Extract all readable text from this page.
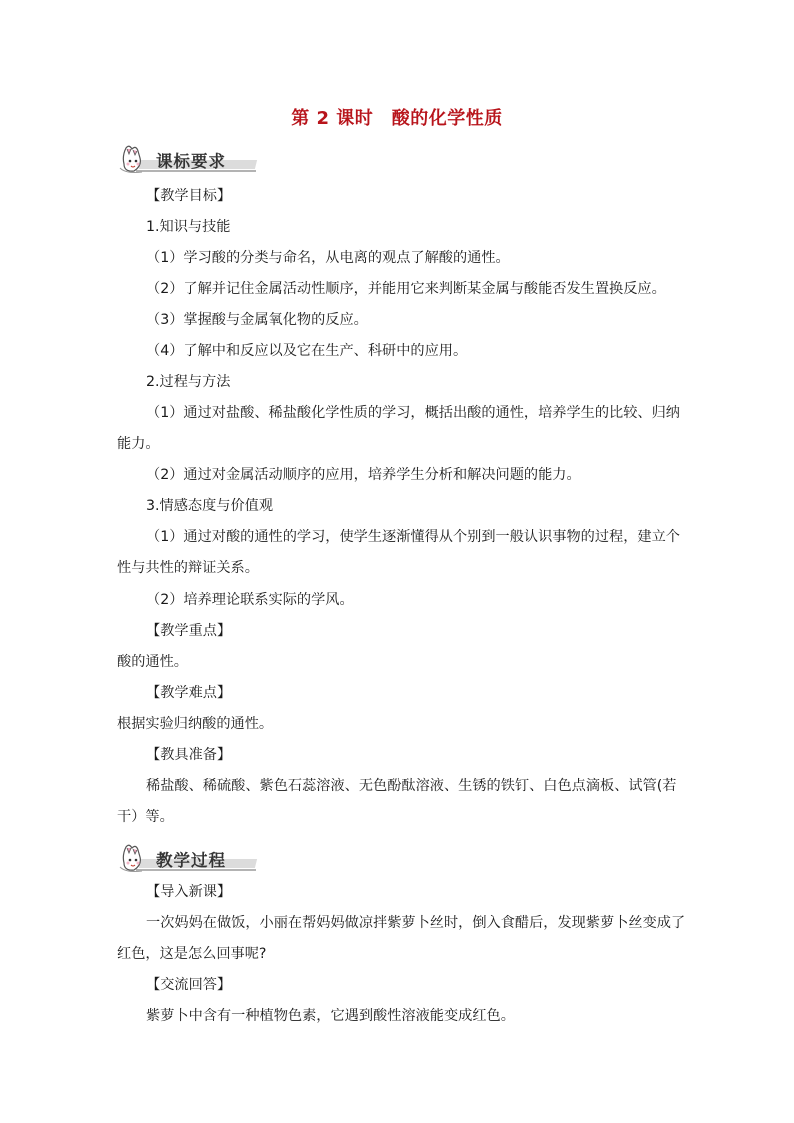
第 2 课时　酸的化学性质
课标要求
教学过程
【教学目标】
1.知识与技能
（1）学习酸的分类与命名，从电离的观点了解酸的通性。
（2）了解并记住金属活动性顺序，并能用它来判断某金属与酸能否发生置换反应。
（3）掌握酸与金属氧化物的反应。
（4）了解中和反应以及它在生产、科研中的应用。
2.过程与方法
（1）通过对盐酸、稀盐酸化学性质的学习，概括出酸的通性，培养学生的比较、归纳
能力。
（2）通过对金属活动顺序的应用，培养学生分析和解决问题的能力。
3.情感态度与价值观
（1）通过对酸的通性的学习，使学生逐渐懂得从个别到一般认识事物的过程，建立个
性与共性的辩证关系。
（2）培养理论联系实际的学风。
【教学重点】
酸的通性。
【教学难点】
根据实验归纳酸的通性。
【教具准备】
稀盐酸、稀硫酸、紫色石蕊溶液、无色酚酞溶液、生锈的铁钉、白色点滴板、试管(若
干）等。
【导入新课】
一次妈妈在做饭，小丽在帮妈妈做凉拌紫萝卜丝时，倒入食醋后，发现紫萝卜丝变成了
红色，这是怎么回事呢?
【交流回答】
紫萝卜中含有一种植物色素，它遇到酸性溶液能变成红色。
